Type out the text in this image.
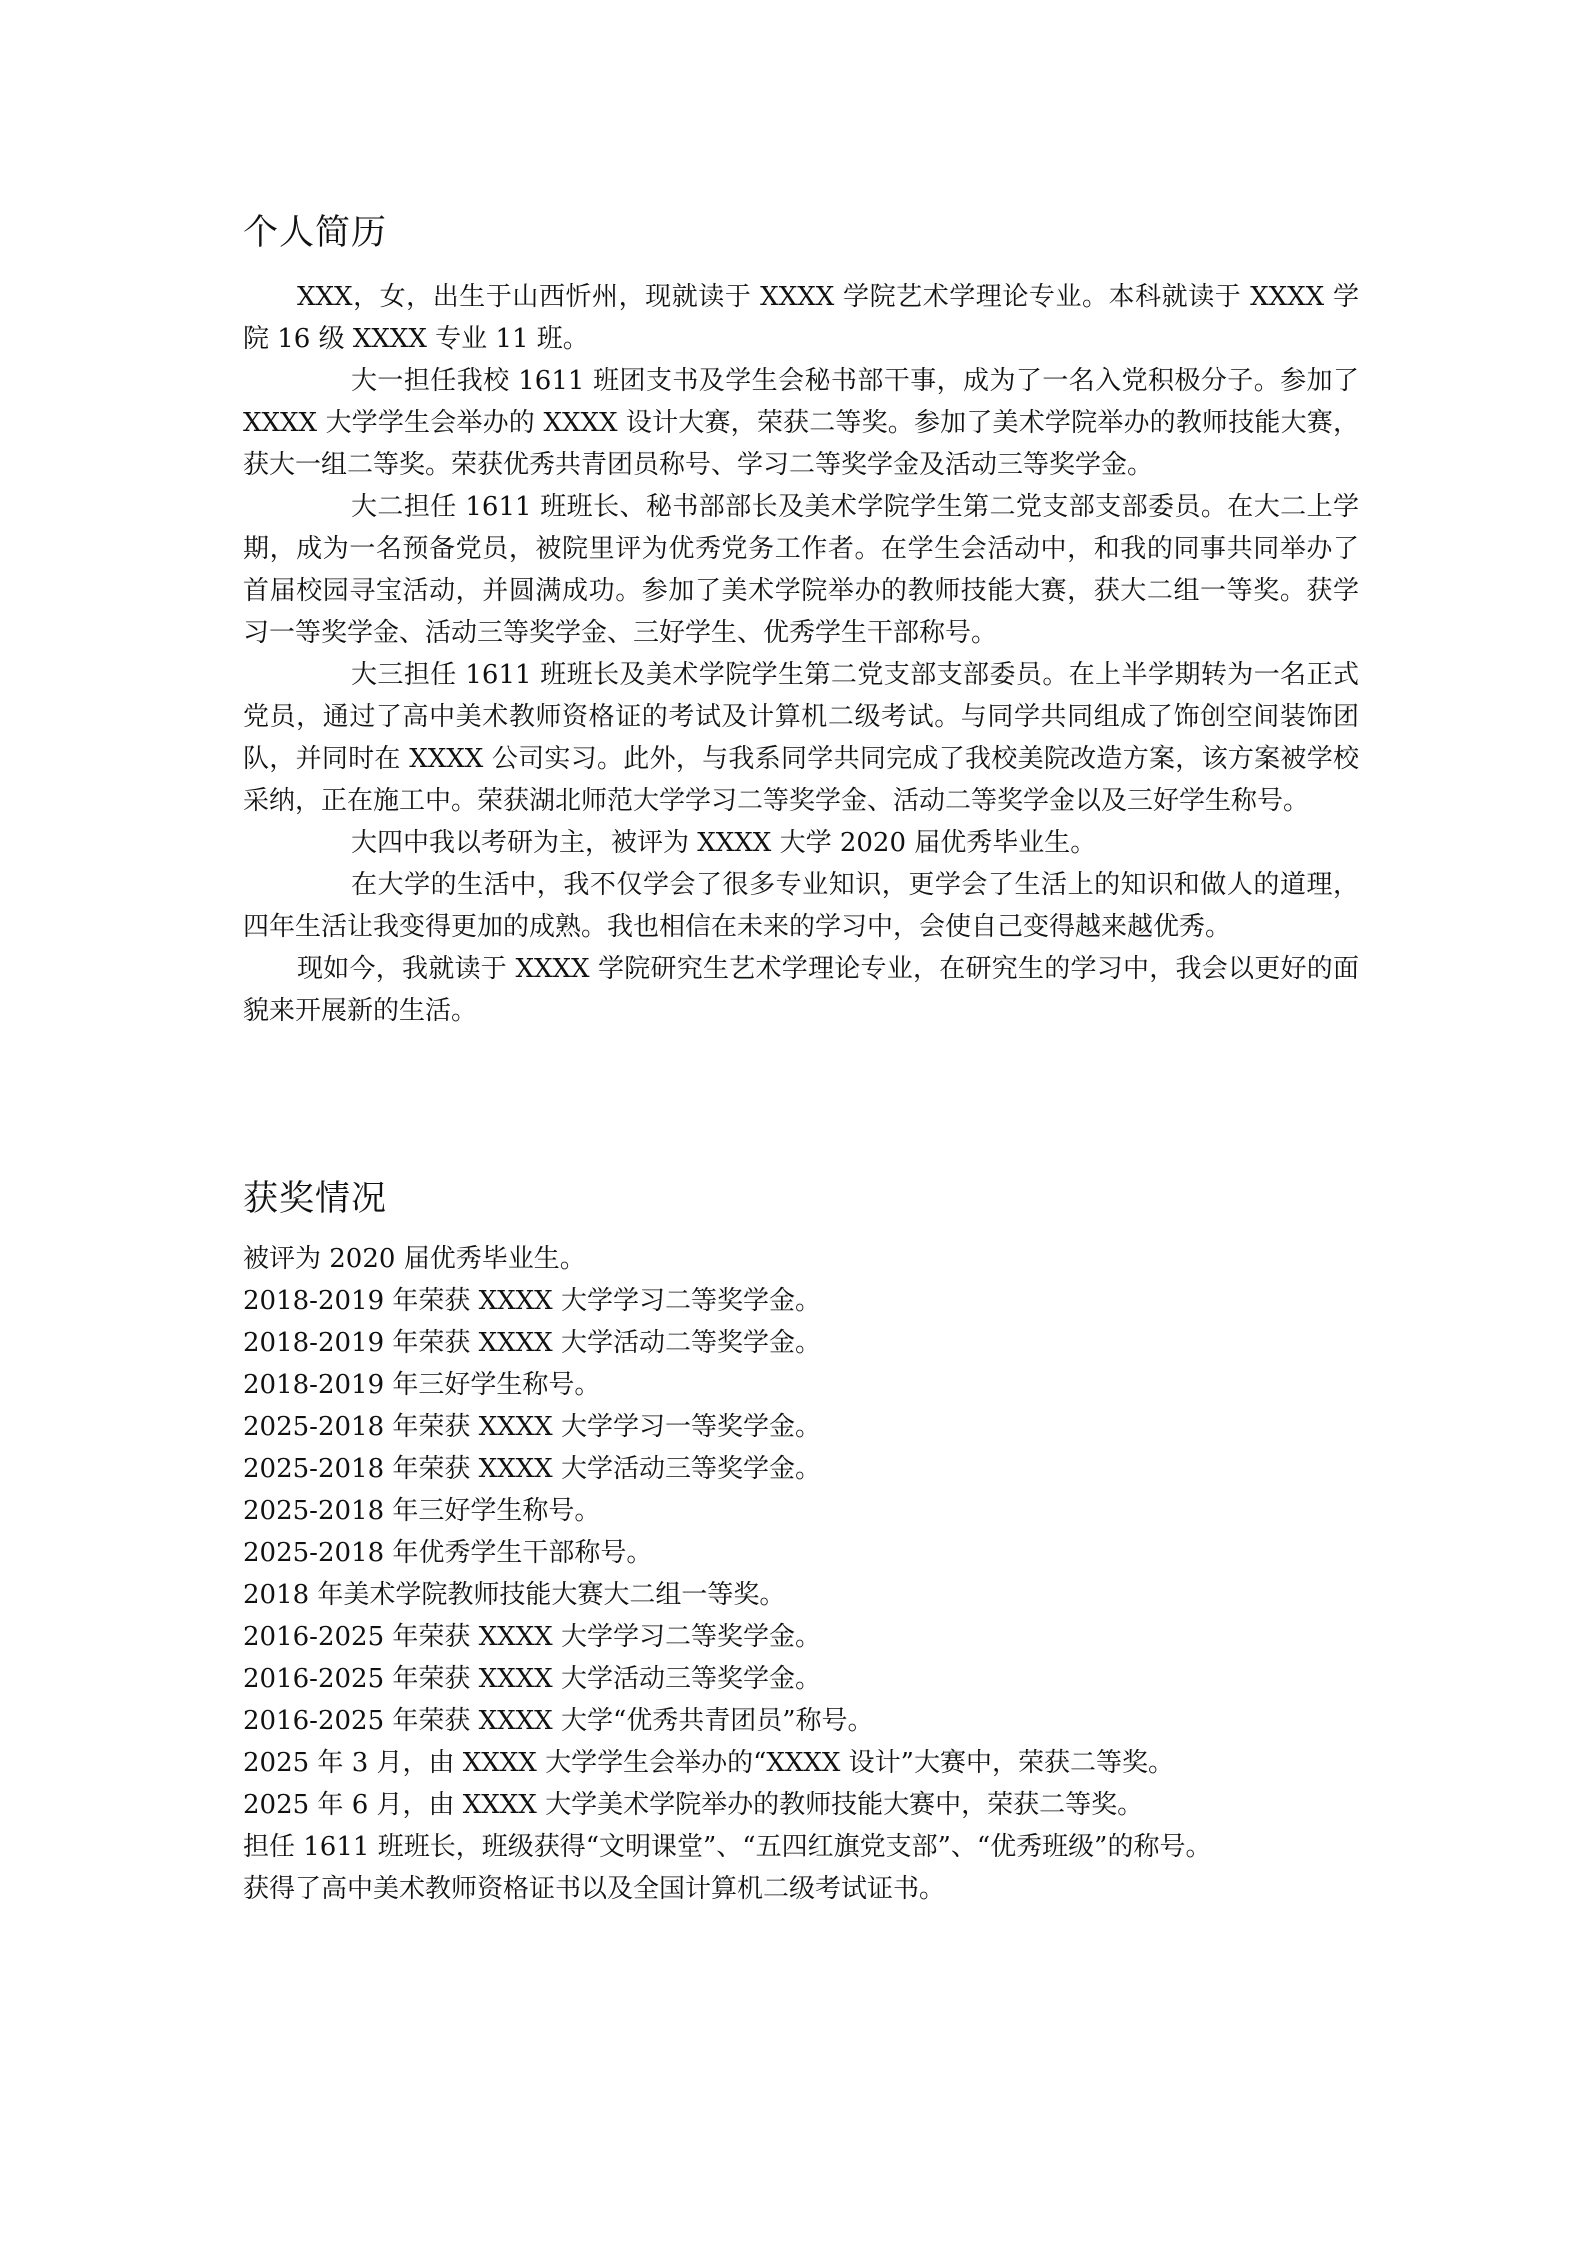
个人简历

XXX，女，出生于山西忻州，现就读于 XXXX 学院艺术学理论专业。本科就读于 XXXX 学院 16 级 XXXX 专业 11 班。

大一担任我校 1611 班团支书及学生会秘书部干事，成为了一名入党积极分子。参加了 XXXX 大学学生会举办的 XXXX 设计大赛，荣获二等奖。参加了美术学院举办的教师技能大赛，获大一组二等奖。荣获优秀共青团员称号、学习二等奖学金及活动三等奖学金。

大二担任 1611 班班长、秘书部部长及美术学院学生第二党支部支部委员。在大二上学期，成为一名预备党员，被院里评为优秀党务工作者。在学生会活动中，和我的同事共同举办了首届校园寻宝活动，并圆满成功。参加了美术学院举办的教师技能大赛，获大二组一等奖。获学习一等奖学金、活动三等奖学金、三好学生、优秀学生干部称号。

大三担任 1611 班班长及美术学院学生第二党支部支部委员。在上半学期转为一名正式党员，通过了高中美术教师资格证的考试及计算机二级考试。与同学共同组成了饰创空间装饰团队，并同时在 XXXX 公司实习。此外，与我系同学共同完成了我校美院改造方案，该方案被学校采纳，正在施工中。荣获湖北师范大学学习二等奖学金、活动二等奖学金以及三好学生称号。

大四中我以考研为主，被评为 XXXX 大学 2020 届优秀毕业生。

在大学的生活中，我不仅学会了很多专业知识，更学会了生活上的知识和做人的道理，四年生活让我变得更加的成熟。我也相信在未来的学习中，会使自己变得越来越优秀。

现如今，我就读于 XXXX 学院研究生艺术学理论专业，在研究生的学习中，我会以更好的面貌来开展新的生活。

获奖情况
被评为 2020 届优秀毕业生。
2018-2019 年荣获 XXXX 大学学习二等奖学金。
2018-2019 年荣获 XXXX 大学活动二等奖学金。
2018-2019 年三好学生称号。
2025-2018 年荣获 XXXX 大学学习一等奖学金。
2025-2018 年荣获 XXXX 大学活动三等奖学金。
2025-2018 年三好学生称号。
2025-2018 年优秀学生干部称号。
2018 年美术学院教师技能大赛大二组一等奖。
2016-2025 年荣获 XXXX 大学学习二等奖学金。
2016-2025 年荣获 XXXX 大学活动三等奖学金。
2016-2025 年荣获 XXXX 大学“优秀共青团员”称号。
2025 年 3 月，由 XXXX 大学学生会举办的“XXXX 设计”大赛中，荣获二等奖。
2025 年 6 月，由 XXXX 大学美术学院举办的教师技能大赛中，荣获二等奖。
担任 1611 班班长，班级获得“文明课堂”、“五四红旗党支部”、“优秀班级”的称号。
获得了高中美术教师资格证书以及全国计算机二级考试证书。
